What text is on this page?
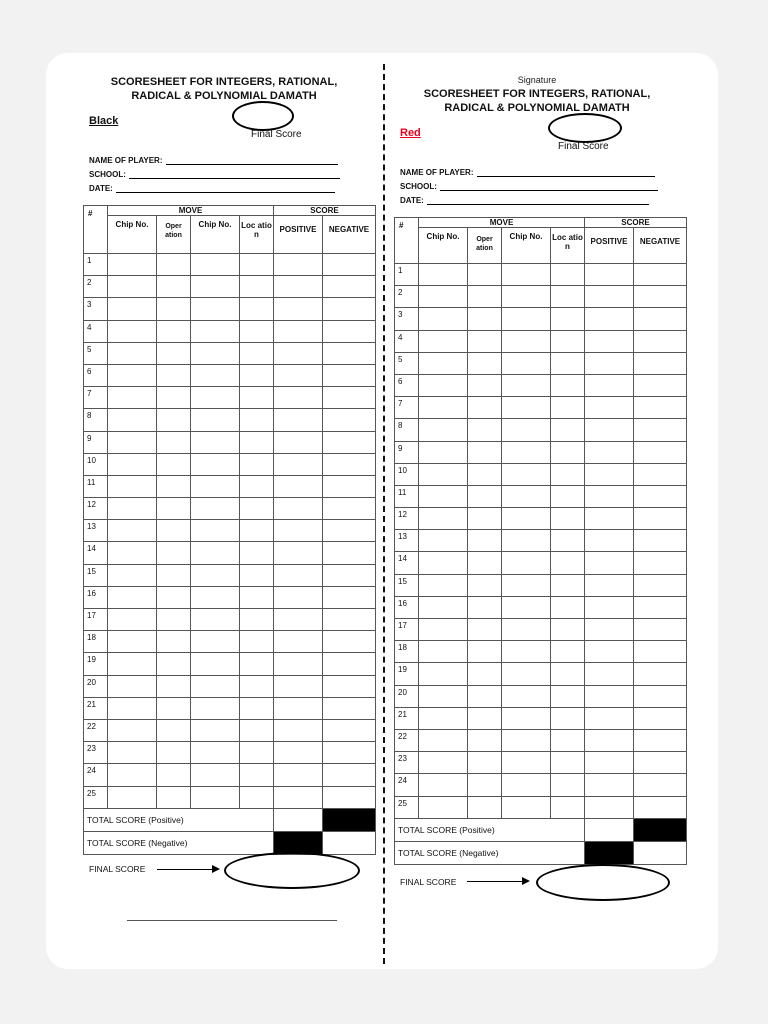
SCORESHEET FOR INTEGERS, RATIONAL,
RADICAL & POLYNOMIAL DAMATH
Black
Final Score
NAME OF PLAYER:
SCHOOL:
DATE:
#	MOVE				SCORE	
	Chip No.	Oper ation	Chip No.	Loc atio n	POSITIVE	NEGATIVE
1						
2						
3						
4						
5						
6						
7						
8						
9						
10						
11						
12						
13						
14						
15						
16						
17						
18						
19						
20						
21						
22						
23						
24						
25						
TOTAL SCORE (Positive)						
TOTAL SCORE (Negative)						
FINAL SCORE
Signature
SCORESHEET FOR INTEGERS, RATIONAL,
RADICAL & POLYNOMIAL DAMATH
Red
Final Score
NAME OF PLAYER:
SCHOOL:
DATE:
#	MOVE				SCORE	
	Chip No.	Oper ation	Chip No.	Loc atio n	POSITIVE	NEGATIVE
1						
2						
3						
4						
5						
6						
7						
8						
9						
10						
11						
12						
13						
14						
15						
16						
17						
18						
19						
20						
21						
22						
23						
24						
25						
TOTAL SCORE (Positive)						
TOTAL SCORE (Negative)						
FINAL SCORE
